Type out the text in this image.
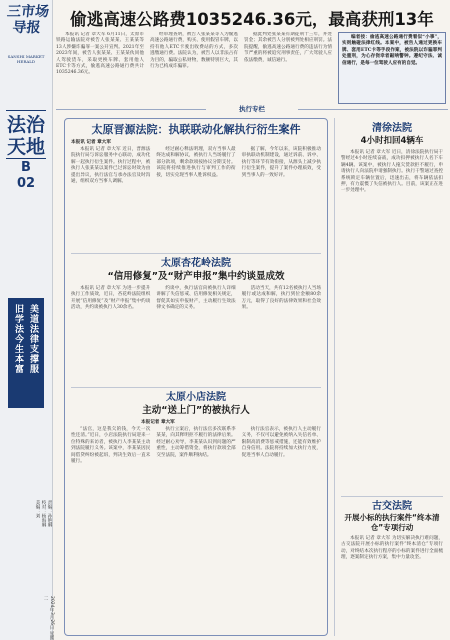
三市场导报
SANSHI MARKET HERALD
法治天地
B
02
美道法律支撑服
旧学法今生本富
责编：孙艳琳
校对：杨海琳
美编：刘
2024年3月26日 星期二
偷逃高速公路费1035246.36元，最高获刑13年

本报讯 记者 章大军 6月11日，太原市铁路运输法院对被告人张某某、王某某等13人涉嫌诈骗罪一案公开宣判。2021年至2023年间，被告人张某某、王某某伙同他人驾驶货车，采取更换车牌、套用他人ETC卡等方式，偷逃高速公路通行费共计1035246.36元。

经审理查明，被告人张某某等人为偷逃高速公路通行费，购买、使用假冒车牌，以持有他人ETC卡驶出收费站的方式，多次逃缴通行费。法院认为，被告人以非法占有为目的，骗取公私财物，数额特别巨大，其行为已构成诈骗罪。

据此判处张某某有期徒刑十三年，并处罚金；其余被告人分别被判处相应刑罚。法院提醒，偷逃高速公路通行费的违法行为情节严重的将被追究刑事责任，广大驾驶人应依法缴费，诚信通行。

编者按：偷逃高速公路通行费看似“小事”，实则触碰法律红线。本案中，被告人通过更换车牌、套用ETC卡等手段作案，被法院以诈骗罪判处重刑，为心存侥幸者敲响警钟。遵纪守法、诚信通行，是每一位驾驶人应有的自觉。

执行专栏

太原晋源法院：执联联动化解执行衍生案件

本报讯 记者 章大军

本报讯 记者 章大军 近日，晋源法院执行局与诉讼服务中心联动，成功化解一起执行衍生案件。执行过程中，被执行人张某某以案件已过诉讼时效为由提出异议，执行法官与承办法官及时沟通，组织双方当事人调解。

经过耐心释法明理，双方当事人最终达成和解协议，被执行人当场履行了部分款项，剩余款项按协议分期支付。该院将持续推进执行与审判工作的衔接，切实兑现当事人胜诉权益。

据了解，今年以来，该院积极推动审执联动机制建设，通过诉前、诉中、执行等环节有效衔接，从源头上减少执行衍生案件，提升了案件办理质效，受到当事人的一致好评。

太原杏花岭法院

“信用修复”及“财产申报”集中约谈显成效

本报讯 记者 章大军 为进一步提升执行工作质效，近日，杏花岭法院组织开展“信用修复”及“财产申报”集中约谈活动，共约谈被执行人30余名。

约谈中，执行法官向被执行人详细讲解了失信惩戒、信用修复相关规定，督促其如实申报财产，主动履行生效法律文书确定的义务。

活动当天，共有12名被执行人当场履行或达成和解，执行到位金额80余万元，取得了良好的法律效果和社会效果。

太原小店法院

主动“送上门”的被执行人

本报记者 章大军

“法官，这是我欠的钱，今天一次性还清。”近日，小店法院执行局迎来一位特殊的来访者，被执行人李某某主动到法院履行义务。该案中，李某某因民间借贷纠纷被起诉，判决生效后一直未履行。

执行立案后，执行法官多次联系李某某，向其释明拒不履行的法律后果。经过耐心劝导，李某某认识到问题的严重性，主动筹措资金，将执行款项全部交至法院，案件顺利执结。

执行法官表示，被执行人主动履行义务，不仅可以避免被纳入失信名单、限制高消费等惩戒措施，还能有效维护自身信用。法院将持续加大执行力度，促进当事人自动履行。

清徐法院

4小时扣回4辆车

本报讯 记者 章大军 近日，清徐法院执行局干警经过4小时连续奋战，成功扣押被执行人名下车辆4辆。该案中，被执行人拖欠货款拒不履行，申请执行人向法院申请强制执行。执行干警通过查控系统锁定车辆位置后，迅速出击，将车辆依法扣押，有力震慑了失信被执行人。目前，该案正在进一步处理中。

古交法院

开展小标的执行案件“终本清仓”专项行动

本报讯 记者 章大军 为切实解决执行难问题，古交法院开展小标的执行案件“终本清仓”专项行动，对终结本次执行程序的小标的案件进行全面梳理，逐案制定执行方案，集中力量攻坚。
